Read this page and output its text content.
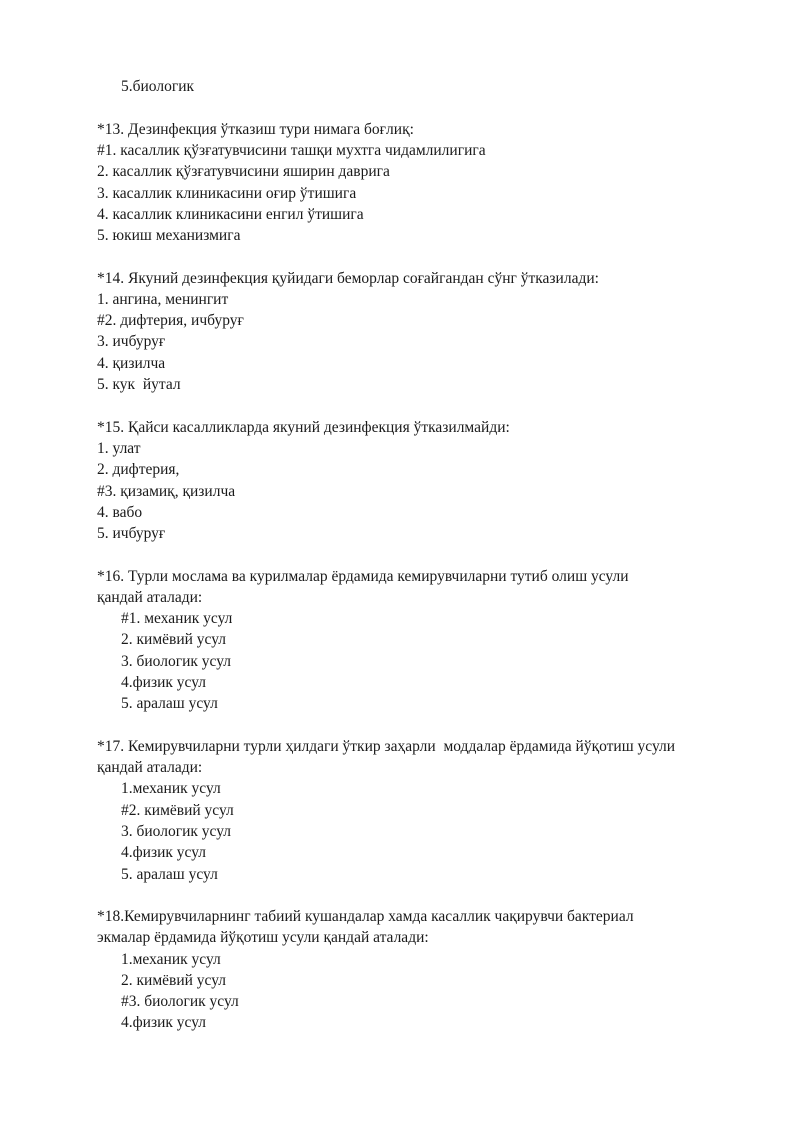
5.биологик
*13. Дезинфекция ўтказиш тури нимага боғлиқ:
#1. касаллик қўзғатувчисини ташқи мухтга чидамлилигига
2. касаллик қўзғатувчисини яширин даврига
3. касаллик клиникасини оғир ўтишига
4. касаллик клиникасини енгил ўтишига
5. юкиш механизмига
*14. Якуний дезинфекция қуйидаги беморлар соғайгандан сўнг ўтказилади:
1. ангина, менингит
#2. дифтерия, ичбуруғ
3. ичбуруғ
4. қизилча
5. кук  йутал
*15. Қайси касалликларда якуний дезинфекция ўтказилмайди:
1. улат
2. дифтерия,
#3. қизамиқ, қизилча
4. вабо
5. ичбуруғ
*16. Турли мослама ва курилмалар ёрдамида кемирувчиларни тутиб олиш усули
қандай аталади:
#1. механик усул
2. кимёвий усул
3. биологик усул
4.физик усул
5. аралаш усул
*17. Кемирувчиларни турли ҳилдаги ўткир заҳарли  моддалар ёрдамида йўқотиш усули
қандай аталади:
1.механик усул
#2. кимёвий усул
3. биологик усул
4.физик усул
5. аралаш усул
*18.Кемирувчиларнинг табиий кушандалар хамда касаллик чақирувчи бактериал
экмалар ёрдамида йўқотиш усули қандай аталади:
1.механик усул
2. кимёвий усул
#3. биологик усул
4.физик усул
